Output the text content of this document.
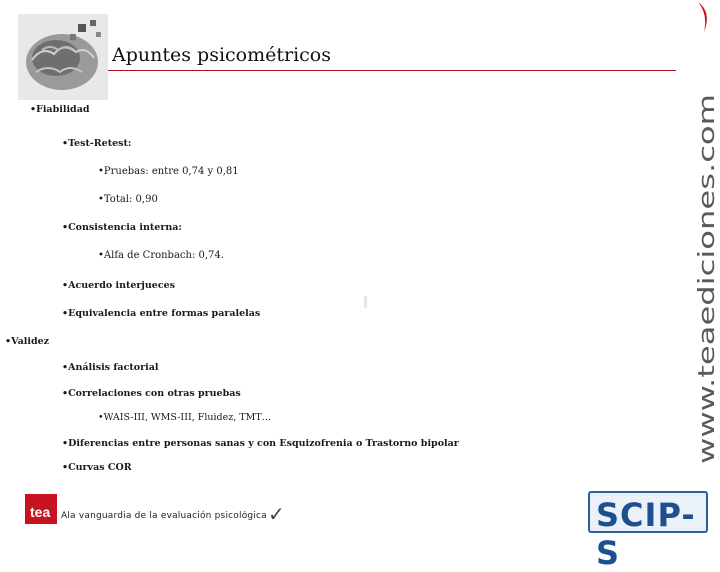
Apuntes psicométricos
www.teaediciones.com
• Fiabilidad
• Test-Retest:
• Pruebas: entre 0,74 y 0,81
• Total: 0,90
• Consistencia interna:
• Alfa de Cronbach: 0,74.
• Acuerdo interjueces
• Equivalencia entre formas paralelas
• Validez
• Análisis factorial
• Correlaciones con otras pruebas
• WAIS-III, WMS-III, Fluidez, TMT…
• Diferencias entre personas sanas y con Esquizofrenia o Trastorno bipolar
• Curvas COR
tea Ala vanguardia de la evaluación psicológica ✓	SCIP-S
